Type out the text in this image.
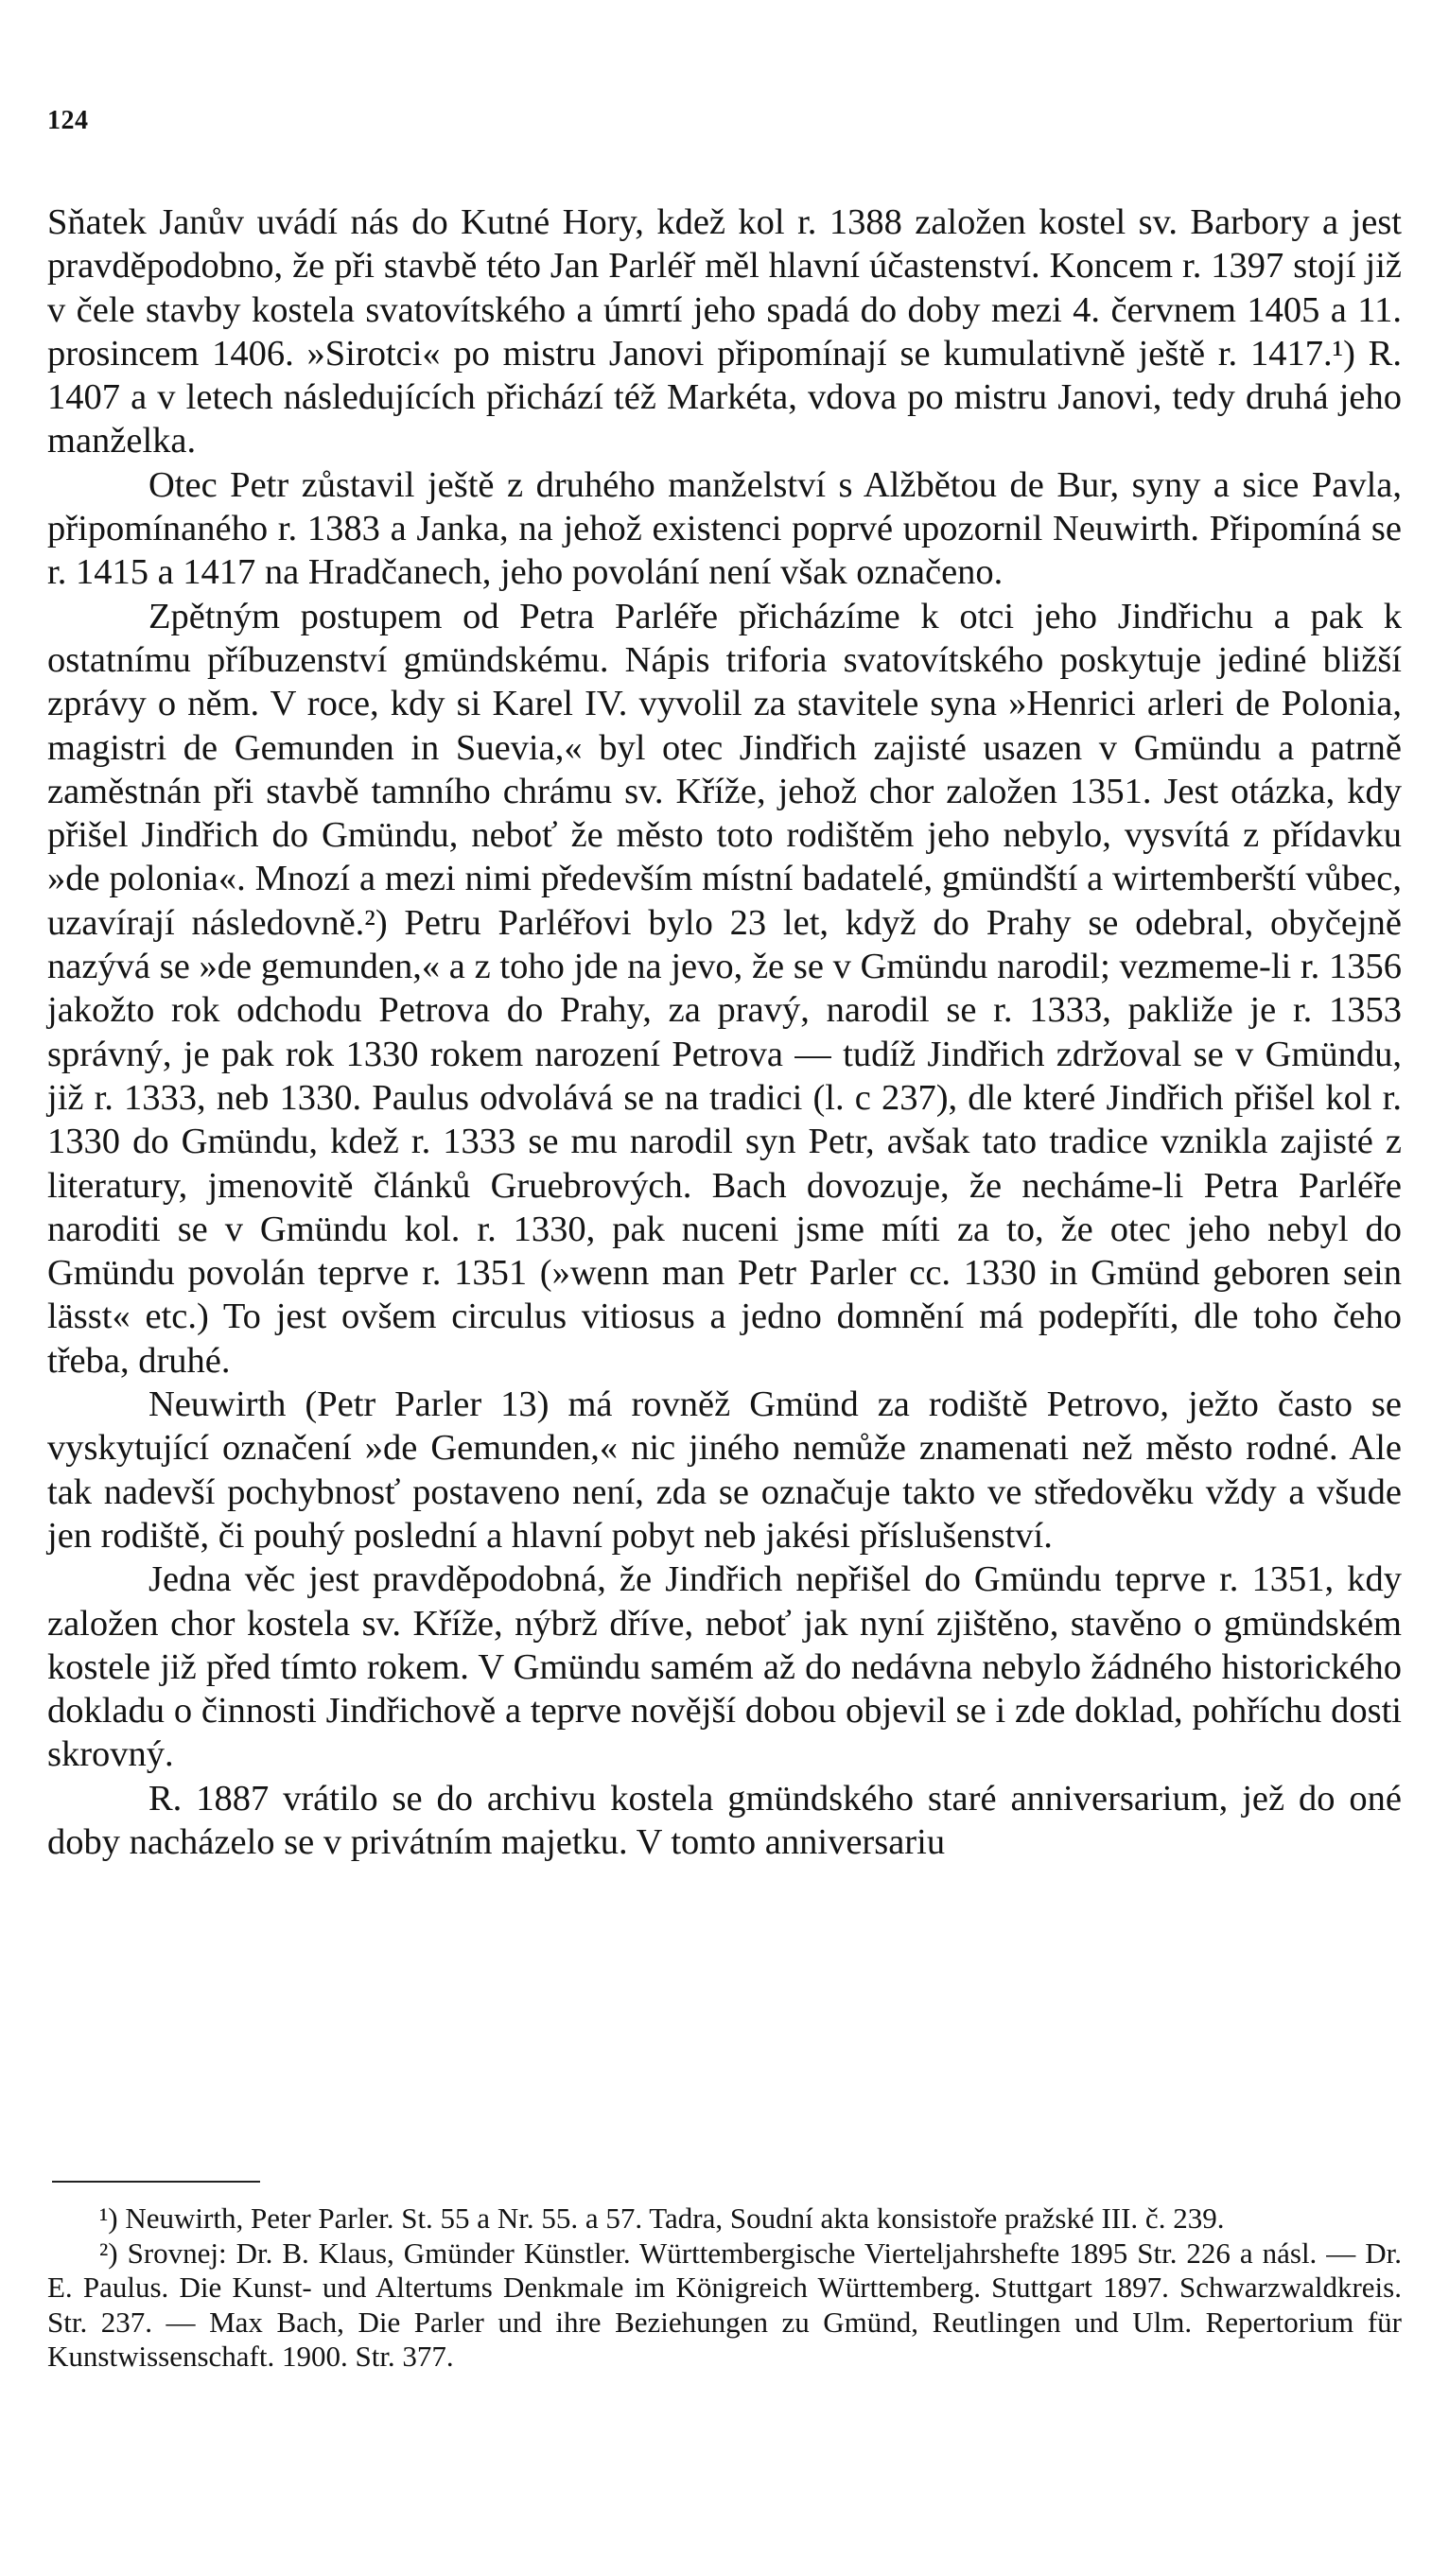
124

Sňatek Janův uvádí nás do Kutné Hory, kdež kol r. 1388 založen kostel sv. Barbory a jest pravděpodobno, že při stavbě této Jan Parléř měl hlavní účastenství. Koncem r. 1397 stojí již v čele stavby kostela svatovítského a úmrtí jeho spadá do doby mezi 4. červnem 1405 a 11. prosincem 1406. »Sirotci« po mistru Janovi připomínají se kumulativně ještě r. 1417.¹) R. 1407 a v letech následujících přichází též Markéta, vdova po mistru Janovi, tedy druhá jeho manželka.

Otec Petr zůstavil ještě z druhého manželství s Alžbětou de Bur, syny a sice Pavla, připomínaného r. 1383 a Janka, na jehož existenci poprvé upozornil Neuwirth. Připomíná se r. 1415 a 1417 na Hradčanech, jeho povolání není však označeno.

Zpětným postupem od Petra Parléře přicházíme k otci jeho Jindřichu a pak k ostatnímu příbuzenství gmündskému. Nápis triforia svatovítského poskytuje jediné bližší zprávy o něm. V roce, kdy si Karel IV. vyvolil za stavitele syna »Henrici arleri de Polonia, magistri de Gemunden in Suevia,« byl otec Jindřich zajisté usazen v Gmündu a patrně zaměstnán při stavbě tamního chrámu sv. Kříže, jehož chor založen 1351. Jest otázka, kdy přišel Jindřich do Gmündu, neboť že město toto rodištěm jeho nebylo, vysvítá z přídavku »de polonia«. Mnozí a mezi nimi především místní badatelé, gmündští a wirtemberští vůbec, uzavírají následovně.²) Petru Parléřovi bylo 23 let, když do Prahy se odebral, obyčejně nazývá se »de gemunden,« a z toho jde na jevo, že se v Gmündu narodil; vezmeme-li r. 1356 jakožto rok odchodu Petrova do Prahy, za pravý, narodil se r. 1333, pakliže je r. 1353 správný, je pak rok 1330 rokem narození Petrova — tudíž Jindřich zdržoval se v Gmündu, již r. 1333, neb 1330. Paulus odvolává se na tradici (l. c 237), dle které Jindřich přišel kol r. 1330 do Gmündu, kdež r. 1333 se mu narodil syn Petr, avšak tato tradice vznikla zajisté z literatury, jmenovitě článků Gruebrových. Bach dovozuje, že necháme-li Petra Parléře naroditi se v Gmündu kol. r. 1330, pak nuceni jsme míti za to, že otec jeho nebyl do Gmündu povolán teprve r. 1351 (»wenn man Petr Parler cc. 1330 in Gmünd geboren sein lässt« etc.) To jest ovšem circulus vitiosus a jedno domnění má podepříti, dle toho čeho třeba, druhé.

Neuwirth (Petr Parler 13) má rovněž Gmünd za rodiště Petrovo, ježto často se vyskytující označení »de Gemunden,« nic jiného nemůže znamenati než město rodné. Ale tak nadevší pochybnosť postaveno není, zda se označuje takto ve středověku vždy a všude jen rodiště, či pouhý poslední a hlavní pobyt neb jakési příslušenství.

Jedna věc jest pravděpodobná, že Jindřich nepřišel do Gmündu teprve r. 1351, kdy založen chor kostela sv. Kříže, nýbrž dříve, neboť jak nyní zjištěno, stavěno o gmündském kostele již před tímto rokem. V Gmündu samém až do nedávna nebylo žádného historického dokladu o činnosti Jindřichově a teprve novější dobou objevil se i zde doklad, pohříchu dosti skrovný.

R. 1887 vrátilo se do archivu kostela gmündského staré anniversarium, jež do oné doby nacházelo se v privátním majetku. V tomto anniversariu

¹) Neuwirth, Peter Parler. St. 55 a Nr. 55. a 57. Tadra, Soudní akta konsistoře pražské III. č. 239.

²) Srovnej: Dr. B. Klaus, Gmünder Künstler. Württembergische Vierteljahrshefte 1895 Str. 226 a násl. — Dr. E. Paulus. Die Kunst- und Altertums Denkmale im Königreich Württemberg. Stuttgart 1897. Schwarzwaldkreis. Str. 237. — Max Bach, Die Parler und ihre Beziehungen zu Gmünd, Reutlingen und Ulm. Repertorium für Kunstwissenschaft. 1900. Str. 377.
